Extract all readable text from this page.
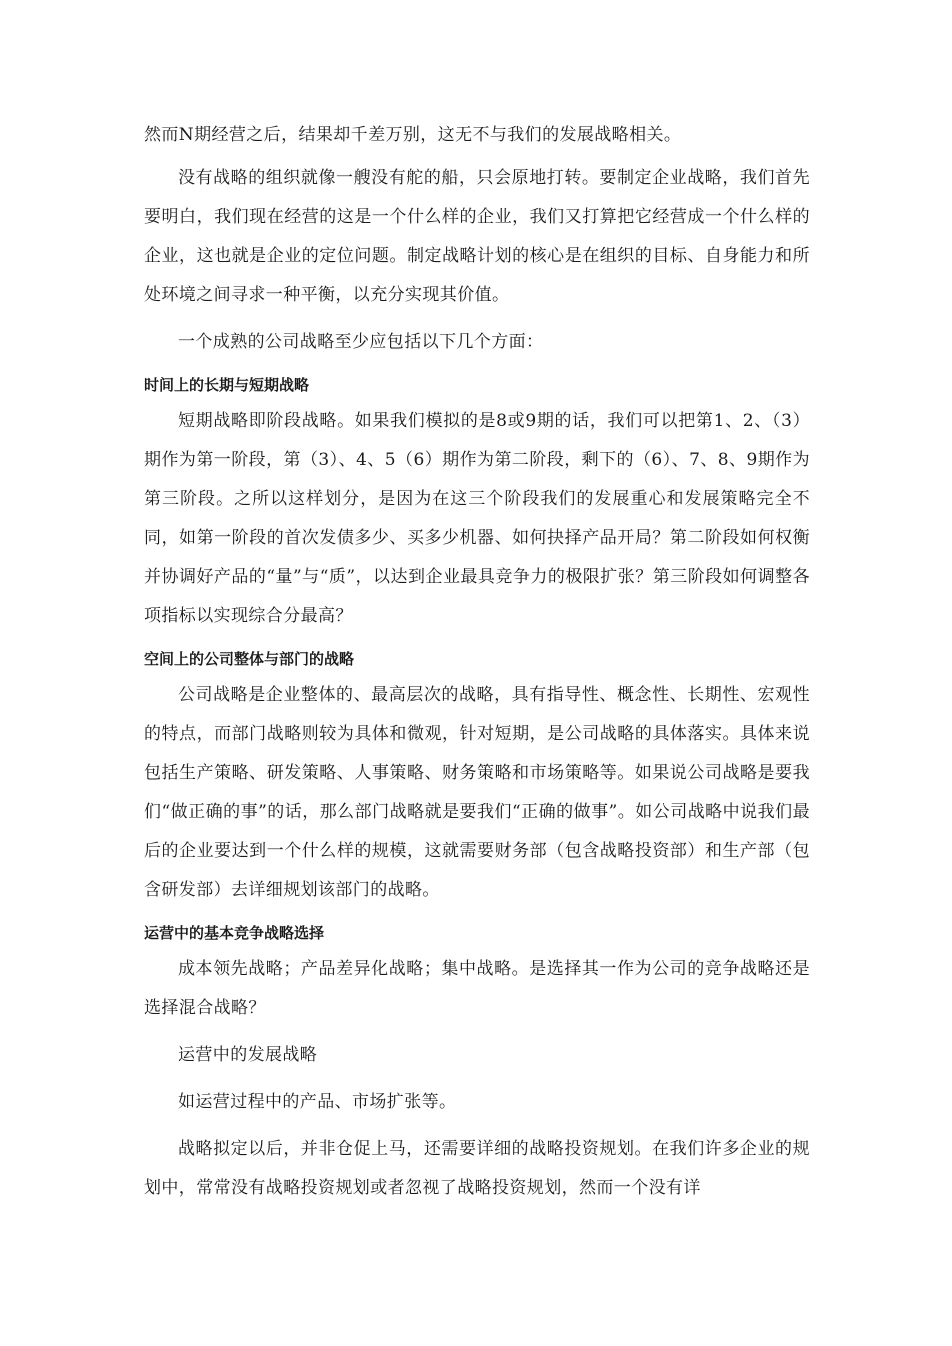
然而N期经营之后，结果却千差万别，这无不与我们的发展战略相关。

没有战略的组织就像一艘没有舵的船，只会原地打转。要制定企业战略，我们首先要明白，我们现在经营的这是一个什么样的企业，我们又打算把它经营成一个什么样的企业，这也就是企业的定位问题。制定战略计划的核心是在组织的目标、自身能力和所处环境之间寻求一种平衡，以充分实现其价值。

一个成熟的公司战略至少应包括以下几个方面：

时间上的长期与短期战略

短期战略即阶段战略。如果我们模拟的是8或9期的话，我们可以把第1、2、（3）期作为第一阶段，第（3）、4、5（6）期作为第二阶段，剩下的（6）、7、8、9期作为第三阶段。之所以这样划分，是因为在这三个阶段我们的发展重心和发展策略完全不同，如第一阶段的首次发债多少、买多少机器、如何抉择产品开局？第二阶段如何权衡并协调好产品的“量”与“质”，以达到企业最具竞争力的极限扩张？第三阶段如何调整各项指标以实现综合分最高？

空间上的公司整体与部门的战略

公司战略是企业整体的、最高层次的战略，具有指导性、概念性、长期性、宏观性的特点，而部门战略则较为具体和微观，针对短期，是公司战略的具体落实。具体来说包括生产策略、研发策略、人事策略、财务策略和市场策略等。如果说公司战略是要我们“做正确的事”的话，那么部门战略就是要我们“正确的做事”。如公司战略中说我们最后的企业要达到一个什么样的规模，这就需要财务部（包含战略投资部）和生产部（包含研发部）去详细规划该部门的战略。

运营中的基本竞争战略选择

成本领先战略；产品差异化战略；集中战略。是选择其一作为公司的竞争战略还是选择混合战略？

运营中的发展战略

如运营过程中的产品、市场扩张等。

战略拟定以后，并非仓促上马，还需要详细的战略投资规划。在我们许多企业的规划中，常常没有战略投资规划或者忽视了战略投资规划，然而一个没有详
